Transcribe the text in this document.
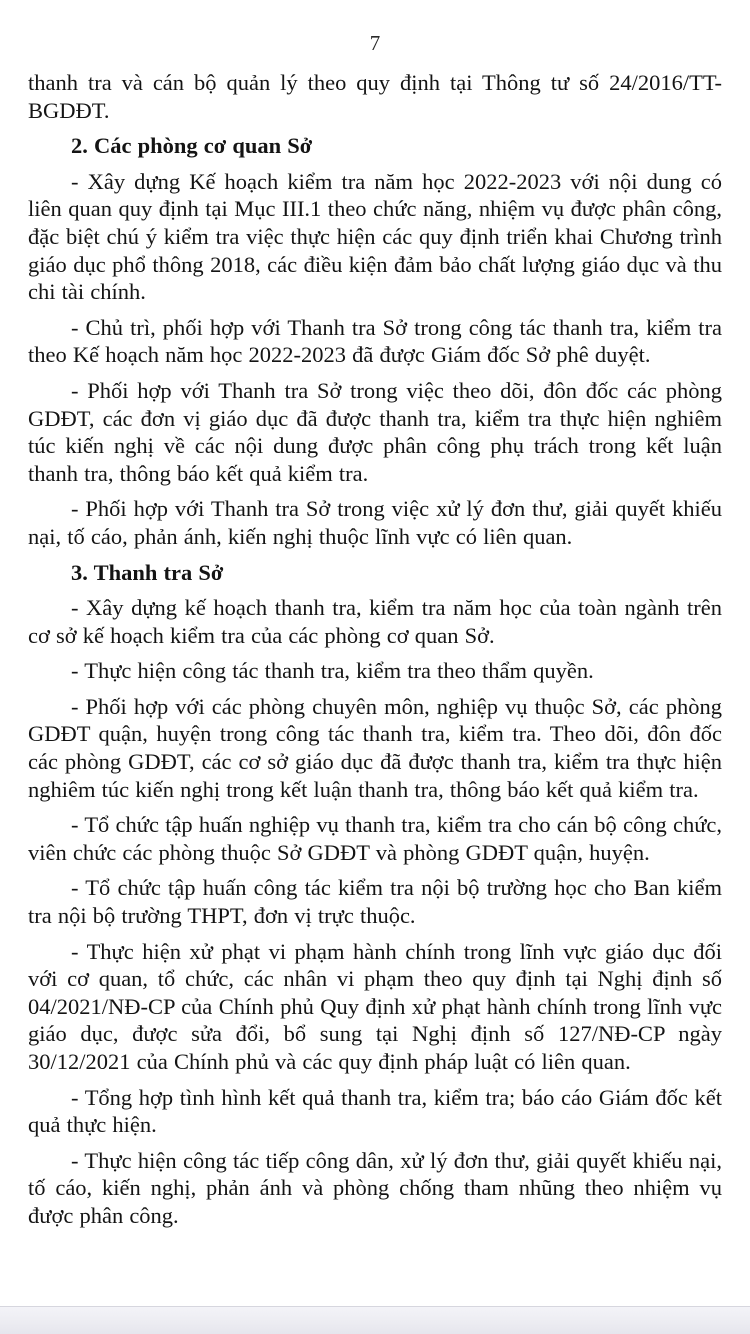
7

thanh tra và cán bộ quản lý theo quy định tại Thông tư số 24/2016/TT-BGDĐT.

2. Các phòng cơ quan Sở

- Xây dựng Kế hoạch kiểm tra năm học 2022-2023 với nội dung có liên quan quy định tại Mục III.1 theo chức năng, nhiệm vụ được phân công, đặc biệt chú ý kiểm tra việc thực hiện các quy định triển khai Chương trình giáo dục phổ thông 2018, các điều kiện đảm bảo chất lượng giáo dục và thu chi tài chính.

- Chủ trì, phối hợp với Thanh tra Sở trong công tác thanh tra, kiểm tra theo Kế hoạch năm học 2022-2023 đã được Giám đốc Sở phê duyệt.

- Phối hợp với Thanh tra Sở trong việc theo dõi, đôn đốc các phòng GDĐT, các đơn vị giáo dục đã được thanh tra, kiểm tra thực hiện nghiêm túc kiến nghị về các nội dung được phân công phụ trách trong kết luận thanh tra, thông báo kết quả kiểm tra.

- Phối hợp với Thanh tra Sở trong việc xử lý đơn thư, giải quyết khiếu nại, tố cáo, phản ánh, kiến nghị thuộc lĩnh vực có liên quan.

3. Thanh tra Sở

- Xây dựng kế hoạch thanh tra, kiểm tra năm học của toàn ngành trên cơ sở kế hoạch kiểm tra của các phòng cơ quan Sở.

- Thực hiện công tác thanh tra, kiểm tra theo thẩm quyền.

- Phối hợp với các phòng chuyên môn, nghiệp vụ thuộc Sở, các phòng GDĐT quận, huyện trong công tác thanh tra, kiểm tra. Theo dõi, đôn đốc các phòng GDĐT, các cơ sở giáo dục đã được thanh tra, kiểm tra thực hiện nghiêm túc kiến nghị trong kết luận thanh tra, thông báo kết quả kiểm tra.

- Tổ chức tập huấn nghiệp vụ thanh tra, kiểm tra cho cán bộ công chức, viên chức các phòng thuộc Sở GDĐT và phòng GDĐT quận, huyện.

- Tổ chức tập huấn công tác kiểm tra nội bộ trường học cho Ban kiểm tra nội bộ trường THPT, đơn vị trực thuộc.

- Thực hiện xử phạt vi phạm hành chính trong lĩnh vực giáo dục đối với cơ quan, tổ chức, các nhân vi phạm theo quy định tại Nghị định số 04/2021/NĐ-CP của Chính phủ Quy định xử phạt hành chính trong lĩnh vực giáo dục, được sửa đổi, bổ sung tại Nghị định số 127/NĐ-CP ngày 30/12/2021 của Chính phủ và các quy định pháp luật có liên quan.

- Tổng hợp tình hình kết quả thanh tra, kiểm tra; báo cáo Giám đốc kết quả thực hiện.

- Thực hiện công tác tiếp công dân, xử lý đơn thư, giải quyết khiếu nại, tố cáo, kiến nghị, phản ánh và phòng chống tham nhũng theo nhiệm vụ được phân công.
